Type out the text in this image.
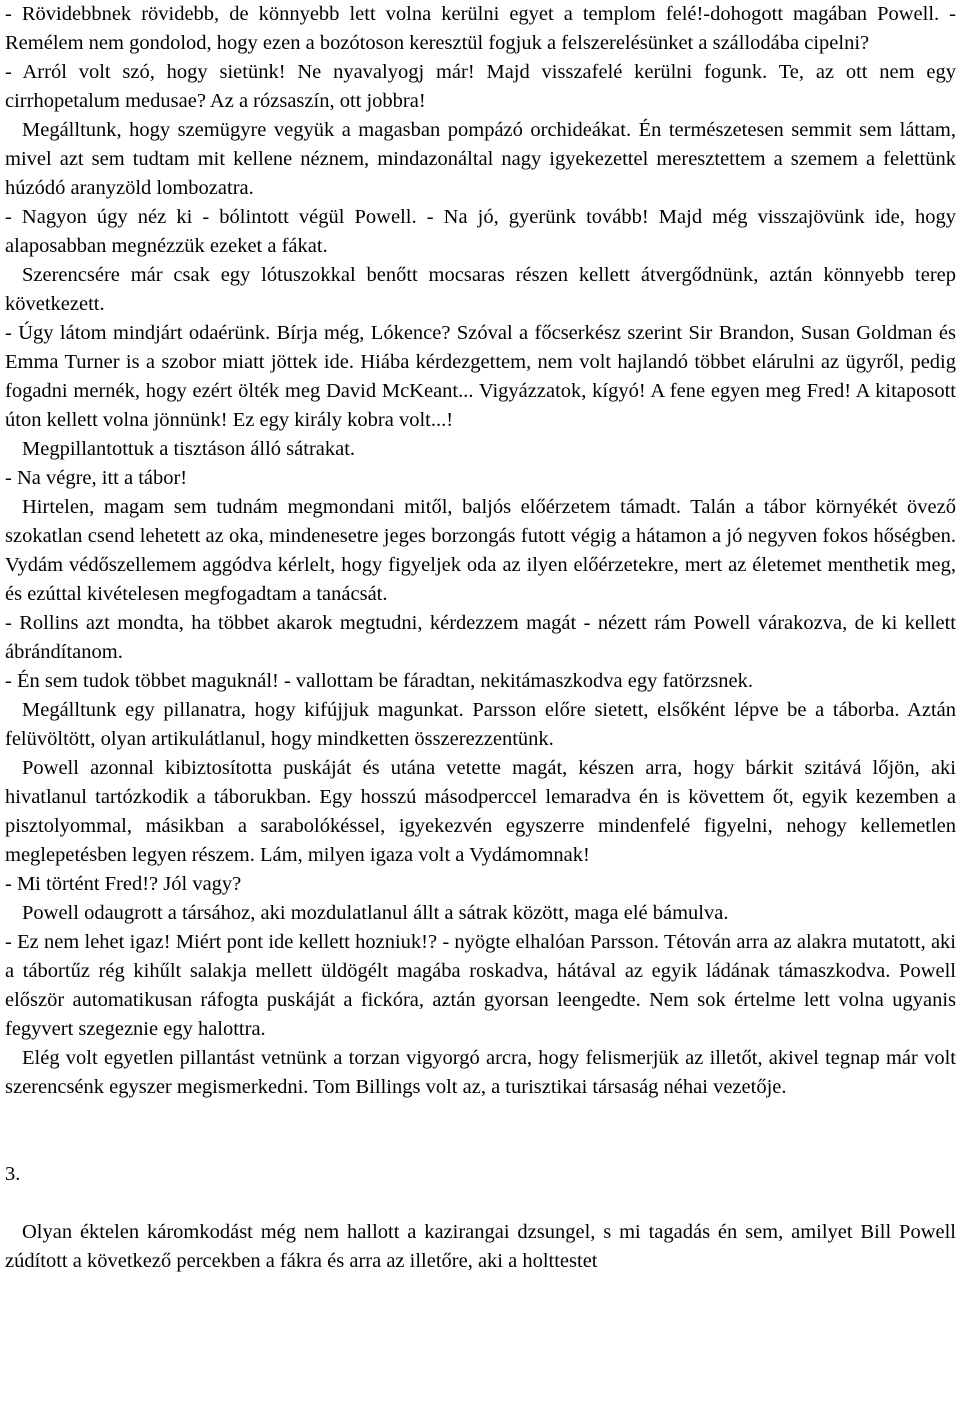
- Rövidebbnek rövidebb, de könnyebb lett volna kerülni egyet a templom felé!-dohogott magában Powell. - Remélem nem gondolod, hogy ezen a bozótoson keresztül fogjuk a felszerelésünket a szállodába cipelni?

- Arról volt szó, hogy sietünk! Ne nyavalyogj már! Majd visszafelé kerülni fogunk. Te, az ott nem egy cirrhopetalum medusae? Az a rózsaszín, ott jobbra!

Megálltunk, hogy szemügyre vegyük a magasban pompázó orchideákat. Én természetesen semmit sem láttam, mivel azt sem tudtam mit kellene néznem, mindazonáltal nagy igyekezettel meresztettem a szemem a felettünk húzódó aranyzöld lombozatra.

- Nagyon úgy néz ki - bólintott végül Powell. - Na jó, gyerünk tovább! Majd még visszajövünk ide, hogy alaposabban megnézzük ezeket a fákat.

Szerencsére már csak egy lótuszokkal benőtt mocsaras részen kellett átvergődnünk, aztán könnyebb terep következett.

- Úgy látom mindjárt odaérünk. Bírja még, Lókence? Szóval a főcserkész szerint Sir Brandon, Susan Goldman és Emma Turner is a szobor miatt jöttek ide. Hiába kérdezgettem, nem volt hajlandó többet elárulni az ügyről, pedig fogadni mernék, hogy ezért ölték meg David McKeant... Vigyázzatok, kígyó! A fene egyen meg Fred! A kitaposott úton kellett volna jönnünk! Ez egy király kobra volt...!

Megpillantottuk a tisztáson álló sátrakat.

- Na végre, itt a tábor!

Hirtelen, magam sem tudnám megmondani mitől, baljós előérzetem támadt. Talán a tábor környékét övező szokatlan csend lehetett az oka, mindenesetre jeges borzongás futott végig a hátamon a jó negyven fokos hőségben. Vydám védőszellemem aggódva kérlelt, hogy figyeljek oda az ilyen előérzetekre, mert az életemet menthetik meg, és ezúttal kivételesen megfogadtam a tanácsát.

- Rollins azt mondta, ha többet akarok megtudni, kérdezzem magát - nézett rám Powell várakozva, de ki kellett ábrándítanom.

- Én sem tudok többet maguknál! - vallottam be fáradtan, nekitámaszkodva egy fatörzsnek.

Megálltunk egy pillanatra, hogy kifújjuk magunkat. Parsson előre sietett, elsőként lépve be a táborba. Aztán felüvöltött, olyan artikulátlanul, hogy mindketten összerezzentünk.

Powell azonnal kibiztosította puskáját és utána vetette magát, készen arra, hogy bárkit szitává lőjön, aki hivatlanul tartózkodik a táborukban. Egy hosszú másodperccel lemaradva én is követtem őt, egyik kezemben a pisztolyommal, másikban a sarabolókéssel, igyekezvén egyszerre mindenfelé figyelni, nehogy kellemetlen meglepetésben legyen részem. Lám, milyen igaza volt a Vydámomnak!

- Mi történt Fred!? Jól vagy?

Powell odaugrott a társához, aki mozdulatlanul állt a sátrak között, maga elé bámulva.

- Ez nem lehet igaz! Miért pont ide kellett hozniuk!? - nyögte elhalóan Parsson. Tétován arra az alakra mutatott, aki a tábortűz rég kihűlt salakja mellett üldögélt magába roskadva, hátával az egyik ládának támaszkodva. Powell először automatikusan ráfogta puskáját a fickóra, aztán gyorsan leengedte. Nem sok értelme lett volna ugyanis fegyvert szegeznie egy halottra.

Elég volt egyetlen pillantást vetnünk a torzan vigyorgó arcra, hogy felismerjük az illetőt, akivel tegnap már volt szerencsénk egyszer megismerkedni. Tom Billings volt az, a turisztikai társaság néhai vezetője.

3.

Olyan éktelen káromkodást még nem hallott a kazirangai dzsungel, s mi tagadás én sem, amilyet Bill Powell zúdított a következő percekben a fákra és arra az illetőre, aki a holttestet
